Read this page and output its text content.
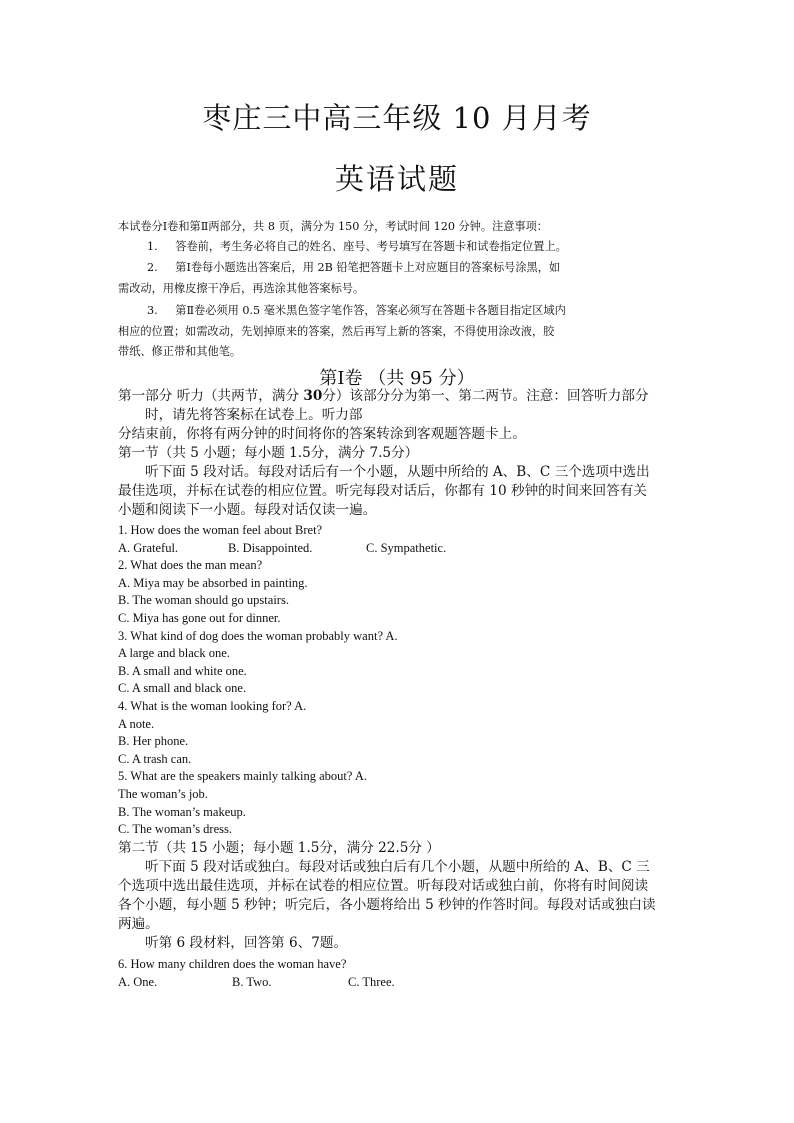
枣庄三中高三年级 10 月月考
英语试题
本试卷分Ⅰ卷和第Ⅱ两部分，共 8 页，满分为 150 分，考试时间 120 分钟。注意事项：
1. 答卷前，考生务必将自己的姓名、座号、考号填写在答题卡和试卷指定位置上。
2. 第Ⅰ卷每小题选出答案后，用 2B 铅笔把答题卡上对应题目的答案标号涂黑，如
需改动，用橡皮擦干净后，再选涂其他答案标号。
3. 第Ⅱ卷必须用 0.5 毫米黑色签字笔作答，答案必须写在答题卡各题目指定区域内
相应的位置；如需改动，先划掉原来的答案，然后再写上新的答案，不得使用涂改液，胶
带纸、修正带和其他笔。
第Ⅰ卷 （共 95 分）
第一部分 听力（共两节，满分 30分）该部分分为第一、第二两节。注意：回答听力部分
时，请先将答案标在试卷上。听力部
分结束前，你将有两分钟的时间将你的答案转涂到客观题答题卡上。
第一节（共 5 小题；每小题 1.5分，满分 7.5分）
听下面 5 段对话。每段对话后有一个小题，从题中所给的 A、B、C 三个选项中选出
最佳选项，并标在试卷的相应位置。听完每段对话后，你都有 10 秒钟的时间来回答有关
小题和阅读下一小题。每段对话仅读一遍。
1. How does the woman feel about Bret?
A. Grateful.	B. Disappointed.	C. Sympathetic.
2. What does the man mean?
A. Miya may be absorbed in painting.
B. The woman should go upstairs.
C. Miya has gone out for dinner.
3. What kind of dog does the woman probably want? A.
A large and black one.
B. A small and white one.
C. A small and black one.
4. What is the woman looking for? A.
A note.
B. Her phone.
C. A trash can.
5. What are the speakers mainly talking about? A.
The woman’s job.
B. The woman’s makeup.
C. The woman’s dress.
第二节（共 15 小题；每小题 1.5分，满分 22.5分 ）
听下面 5 段对话或独白。每段对话或独白后有几个小题，从题中所给的 A、B、C 三
个选项中选出最佳选项，并标在试卷的相应位置。听每段对话或独白前，你将有时间阅读
各个小题，每小题 5 秒钟；听完后，各小题将给出 5 秒钟的作答时间。每段对话或独白读
两遍。
听第 6 段材料，回答第 6、7题。
6. How many children does the woman have?
A. One.	B. Two.	C. Three.
